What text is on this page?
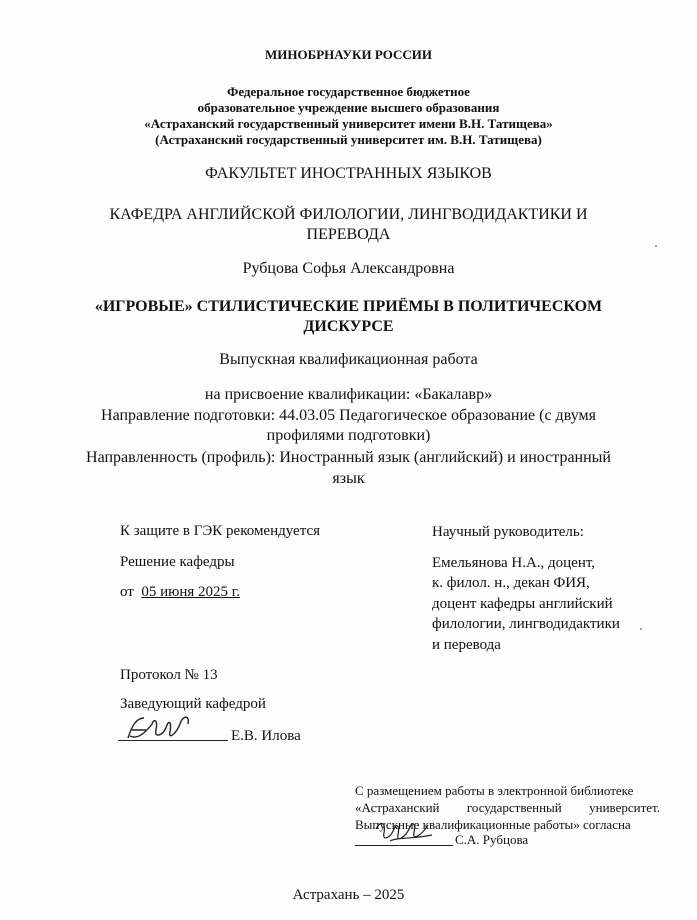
МИНОБРНАУКИ РОССИИ
Федеральное государственное бюджетное
образовательное учреждение высшего образования
«Астраханский государственный университет имени В.Н. Татищева»
(Астраханский государственный университет им. В.Н. Татищева)
ФАКУЛЬТЕТ ИНОСТРАННЫХ ЯЗЫКОВ
КАФЕДРА АНГЛИЙСКОЙ ФИЛОЛОГИИ, ЛИНГВОДИДАКТИКИ И
ПЕРЕВОДА
Рубцова Софья Александровна
«ИГРОВЫЕ» СТИЛИСТИЧЕСКИЕ ПРИЁМЫ В ПОЛИТИЧЕСКОМ
ДИСКУРСЕ
Выпускная квалификационная работа
на присвоение квалификации: «Бакалавр»
Направление подготовки: 44.03.05 Педагогическое образование (с двумя
профилями подготовки)
Направленность (профиль): Иностранный язык (английский) и иностранный
язык
К защите в ГЭК рекомендуется
Решение кафедры
от 05 июня 2025 г.
Протокол № 13
Заведующий кафедрой
Е.В. Илова
Научный руководитель:
Емельянова Н.А., доцент,
к. филол. н., декан ФИЯ,
доцент кафедры английский
филологии, лингводидактики
и перевода
С размещением работы в электронной библиотеке
«Астраханский государственный университет.
Выпускные квалификационные работы» согласна
С.А. Рубцова
Астрахань – 2025
